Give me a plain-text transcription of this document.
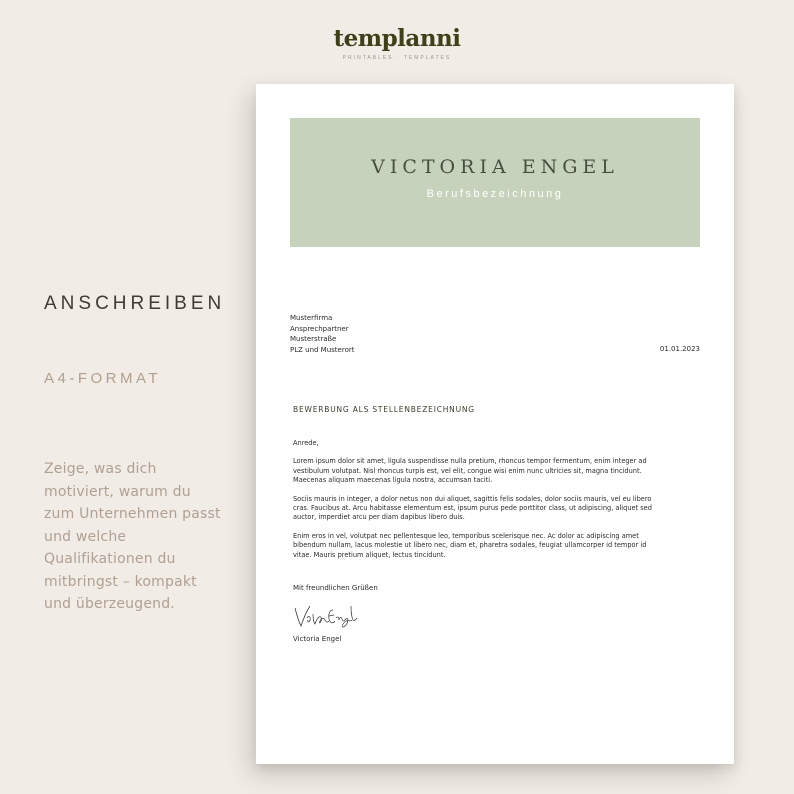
templanni
PRINTABLES · TEMPLATES
ANSCHREIBEN
A4-FORMAT
Zeige, was dich motiviert, warum du zum Unternehmen passt und welche Qualifikationen du mitbringst – kompakt und überzeugend.
VICTORIA ENGEL
Berufsbezeichnung
Musterfirma
Ansprechpartner
Musterstraße
PLZ und Musterort	01.01.2023
BEWERBUNG ALS STELLENBEZEICHNUNG

Anrede,

Lorem ipsum dolor sit amet, ligula suspendisse nulla pretium, rhoncus tempor fermentum, enim integer ad vestibulum volutpat. Nisl rhoncus turpis est, vel elit, congue wisi enim nunc ultricies sit, magna tincidunt. Maecenas aliquam maecenas ligula nostra, accumsan taciti.

Sociis mauris in integer, a dolor netus non dui aliquet, sagittis felis sodales, dolor sociis mauris, vel eu libero cras. Faucibus at. Arcu habitasse elementum est, ipsum purus pede porttitor class, ut adipiscing, aliquet sed auctor, imperdiet arcu per diam dapibus libero duis.

Enim eros in vel, volutpat nec pellentesque leo, temporibus scelerisque nec. Ac dolor ac adipiscing amet bibendum nullam, lacus molestie ut libero nec, diam et, pharetra sodales, feugiat ullamcorper id tempor id vitae. Mauris pretium aliquet, lectus tincidunt.

Mit freundlichen Grüßen
Victoria Engel
